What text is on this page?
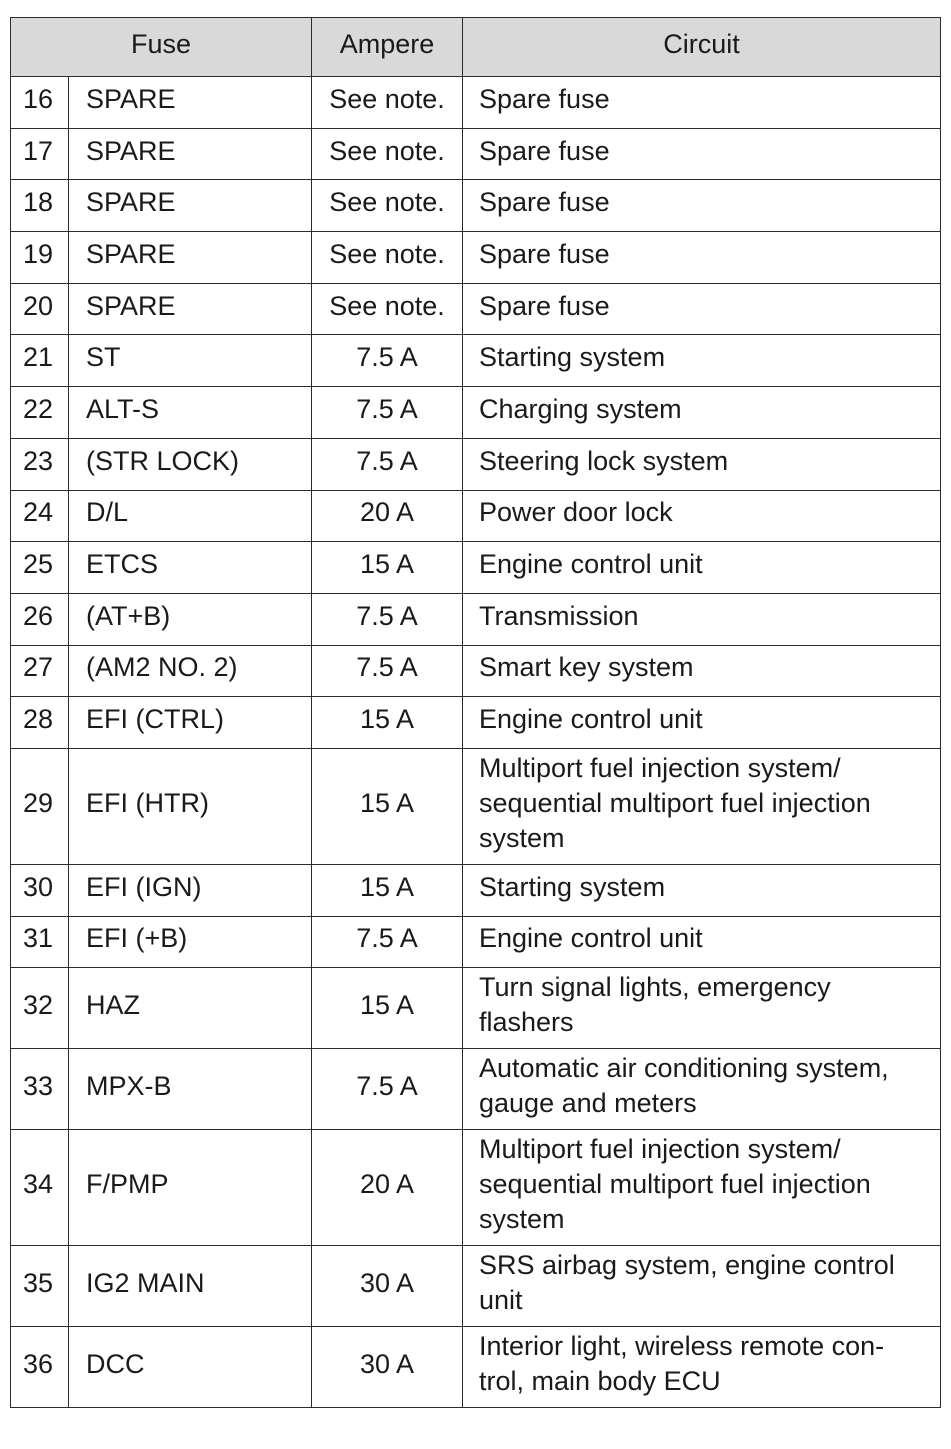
Fuse		Ampere	Circuit
16	SPARE	See note.	Spare fuse
17	SPARE	See note.	Spare fuse
18	SPARE	See note.	Spare fuse
19	SPARE	See note.	Spare fuse
20	SPARE	See note.	Spare fuse
21	ST	7.5 A	Starting system
22	ALT-S	7.5 A	Charging system
23	(STR LOCK)	7.5 A	Steering lock system
24	D/L	20 A	Power door lock
25	ETCS	15 A	Engine control unit
26	(AT+B)	7.5 A	Transmission
27	(AM2 NO. 2)	7.5 A	Smart key system
28	EFI (CTRL)	15 A	Engine control unit
29	EFI (HTR)	15 A	Multiport fuel injection system/
sequential multiport fuel injection
system
30	EFI (IGN)	15 A	Starting system
31	EFI (+B)	7.5 A	Engine control unit
32	HAZ	15 A	Turn signal lights, emergency
flashers
33	MPX-B	7.5 A	Automatic air conditioning system,
gauge and meters
34	F/PMP	20 A	Multiport fuel injection system/
sequential multiport fuel injection
system
35	IG2 MAIN	30 A	SRS airbag system, engine control
unit
36	DCC	30 A	Interior light, wireless remote con-
trol, main body ECU
